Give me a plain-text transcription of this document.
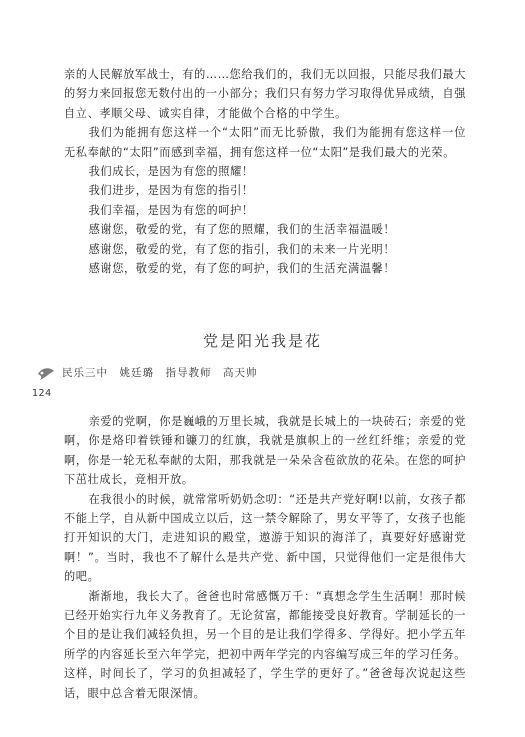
亲的人民解放军战士，有的……您给我们的，我们无以回报，只能尽我们最大的努力来回报您无数付出的一小部分；我们只有努力学习取得优异成绩，自强自立、孝顺父母、诚实自律，才能做个合格的中学生。

我们为能拥有您这样一个“太阳”而无比骄傲，我们为能拥有您这样一位无私奉献的“太阳”而感到幸福，拥有您这样一位“太阳”是我们最大的光荣。

我们成长，是因为有您的照耀！

我们进步，是因为有您的指引！

我们幸福，是因为有您的呵护！

感谢您，敬爱的党，有了您的照耀，我们的生活幸福温暖！

感谢您，敬爱的党，有了您的指引，我们的未来一片光明！

感谢您，敬爱的党，有了您的呵护，我们的生活充满温馨！

党是阳光我是花
民乐三中　姚廷璐　指导教师　高天帅
124

亲爱的党啊，你是巍峨的万里长城，我就是长城上的一块砖石；亲爱的党啊，你是烙印着铁锤和镰刀的红旗，我就是旗帜上的一丝红纤维；亲爱的党啊，你是一轮无私奉献的太阳，那我就是一朵朵含苞欲放的花朵。在您的呵护下茁壮成长，竞相开放。

在我很小的时候，就常常听奶奶念叨：“还是共产党好啊!以前，女孩子都不能上学，自从新中国成立以后，这一禁令解除了，男女平等了，女孩子也能打开知识的大门，走进知识的殿堂，遨游于知识的海洋了，真要好好感谢党啊！”。当时，我也不了解什么是共产党、新中国，只觉得他们一定是很伟大的吧。

渐渐地，我长大了。爸爸也时常感慨万千：“真想念学生生活啊！那时候已经开始实行九年义务教育了。无论贫富，都能接受良好教育。学制延长的一个目的是让我们减轻负担，另一个目的是让我们学得多、学得好。把小学五年所学的内容延长至六年学完，把初中两年学完的内容编写成三年的学习任务。这样，时间长了，学习的负担减轻了，学生学的更好了。”爸爸每次说起这些话，眼中总含着无限深情。
